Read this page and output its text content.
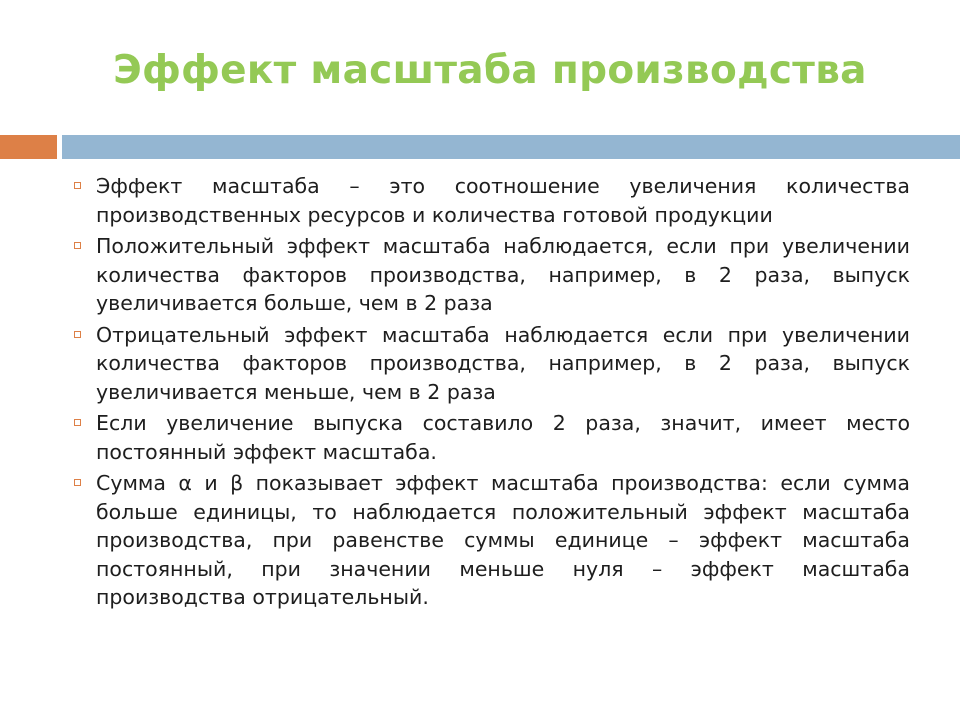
Эффект масштаба производства
Эффект масштаба – это соотношение увеличения количества производственных ресурсов и количества готовой продукции
Положительный эффект масштаба наблюдается, если при увеличении количества факторов производства, например, в 2 раза, выпуск увеличивается больше, чем в 2 раза
Отрицательный эффект масштаба наблюдается если при увеличении количества факторов производства, например, в 2 раза, выпуск увеличивается меньше, чем в 2 раза
Если увеличение выпуска составило 2 раза, значит, имеет место постоянный эффект масштаба.
Сумма α и β показывает эффект масштаба производства: если сумма больше единицы, то наблюдается положительный эффект масштаба производства, при равенстве суммы единице – эффект масштаба постоянный, при значении меньше нуля – эффект масштаба производства отрицательный.
